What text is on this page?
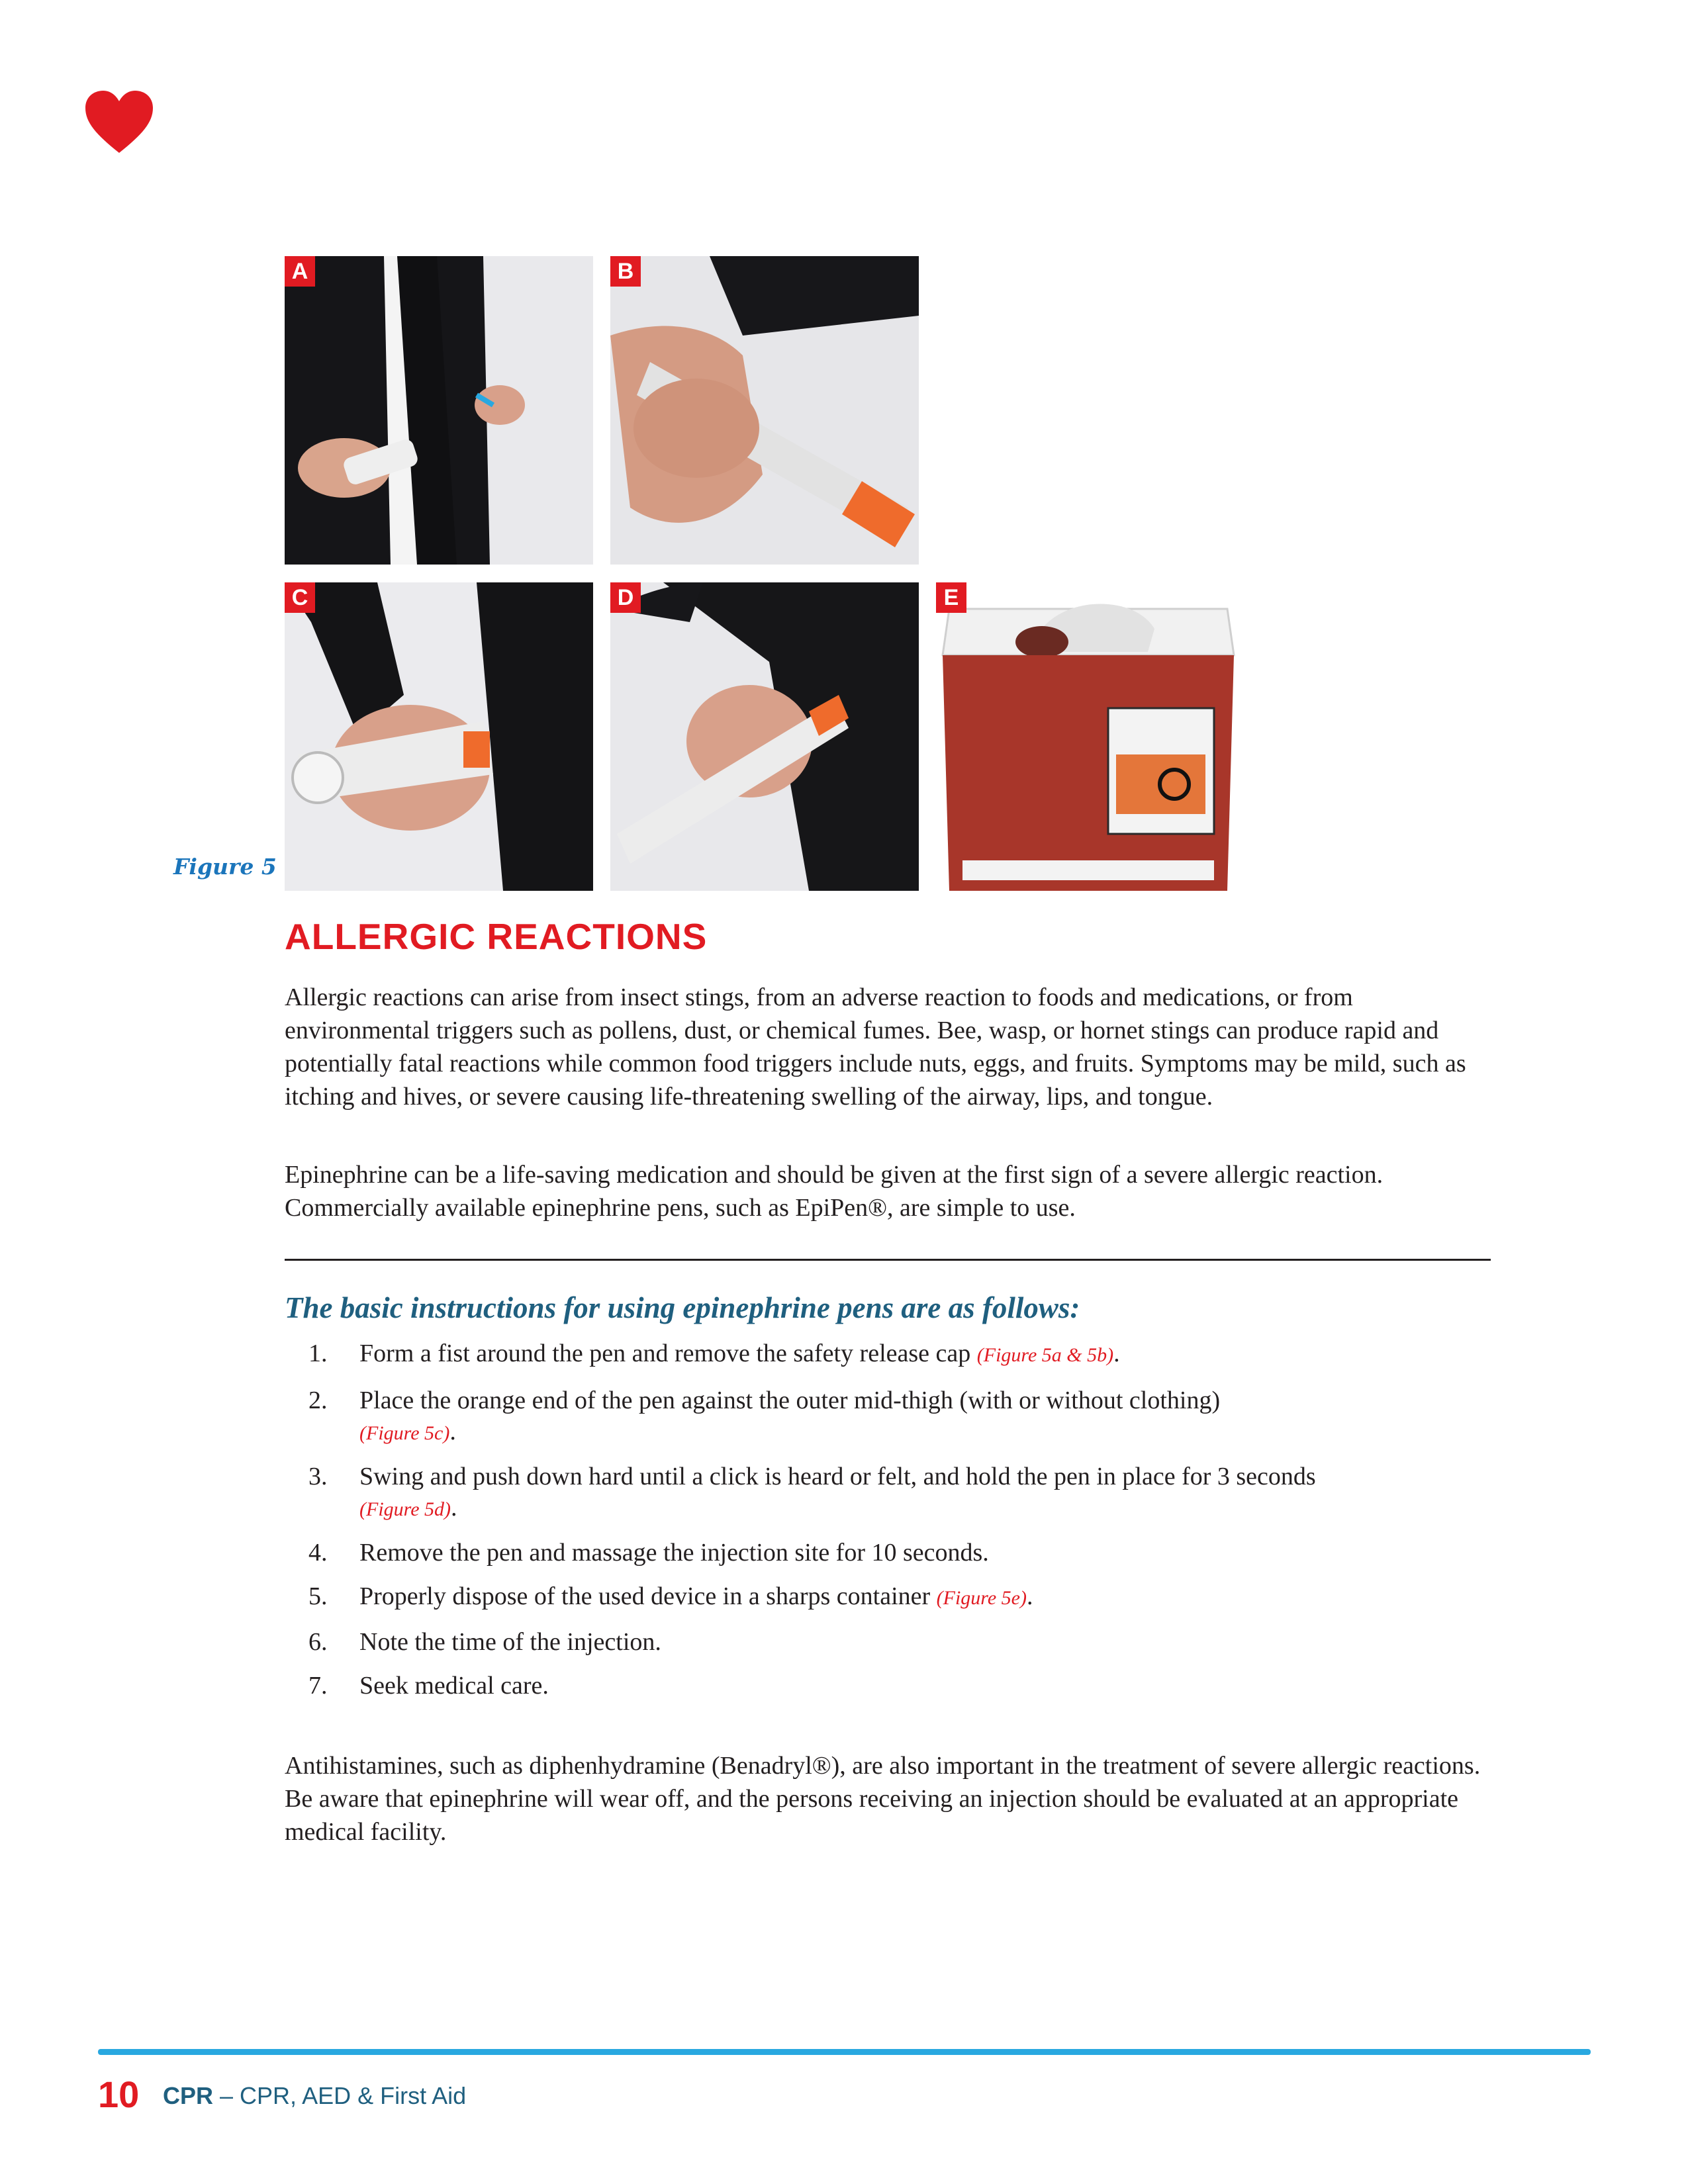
A	B
C	D	E
Figure 5
ALLERGIC REACTIONS

Allergic reactions can arise from insect stings, from an adverse reaction to foods and medications, or from environmental triggers such as pollens, dust, or chemical fumes. Bee, wasp, or hornet stings can produce rapid and potentially fatal reactions while common food triggers include nuts, eggs, and fruits. Symptoms may be mild, such as itching and hives, or severe causing life-threatening swelling of the airway, lips, and tongue.

Epinephrine can be a life-saving medication and should be given at the first sign of a severe allergic reaction. Commercially available epinephrine pens, such as EpiPen®, are simple to use.

The basic instructions for using epinephrine pens are as follows:
1.	Form a fist around the pen and remove the safety release cap (Figure 5a & 5b).
2.	Place the orange end of the pen against the outer mid-thigh (with or without clothing)
(Figure 5c).
3.	Swing and push down hard until a click is heard or felt, and hold the pen in place for 3 seconds
(Figure 5d).
4.	Remove the pen and massage the injection site for 10 seconds.
5.	Properly dispose of the used device in a sharps container (Figure 5e).
6.	Note the time of the injection.
7.	Seek medical care.

Antihistamines, such as diphenhydramine (Benadryl®), are also important in the treatment of severe allergic reactions. Be aware that epinephrine will wear off, and the persons receiving an injection should be evaluated at an appropriate medical facility.

10 CPR – CPR, AED & First Aid
